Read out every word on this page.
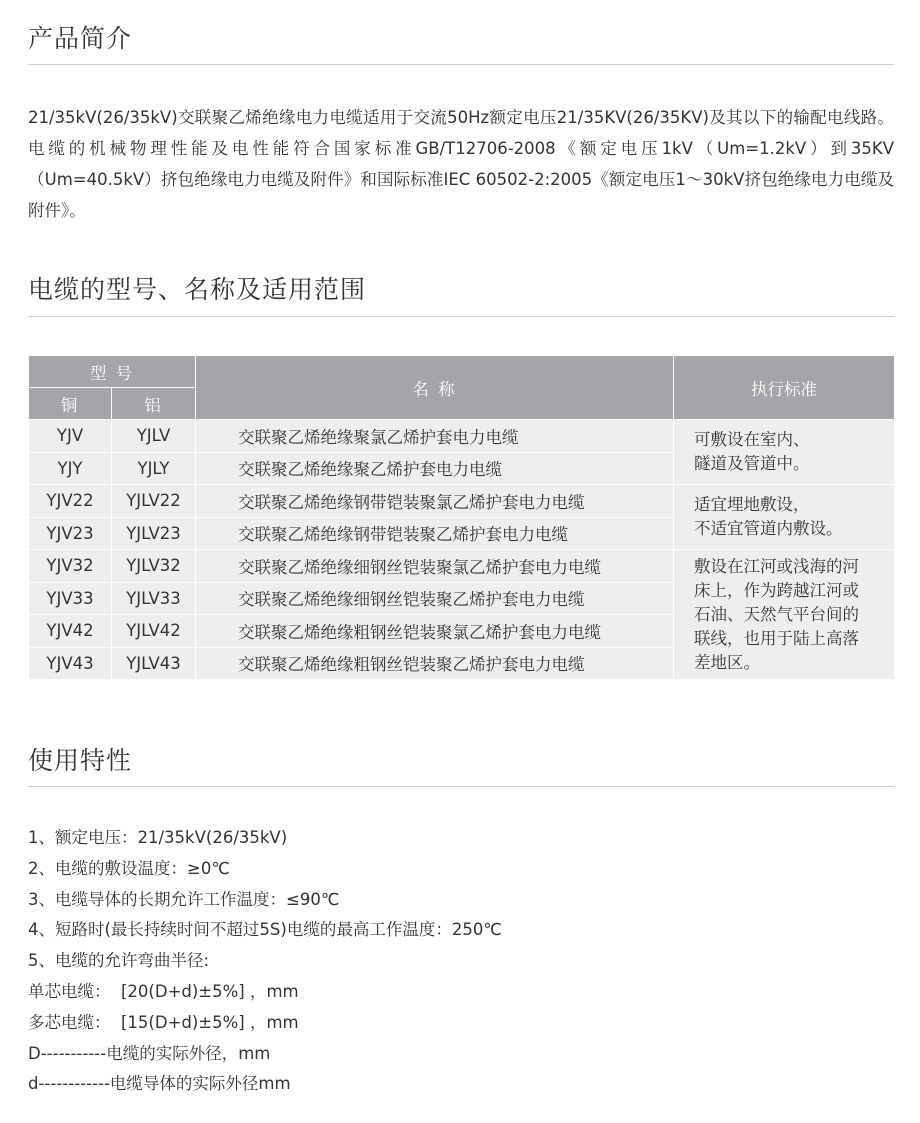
产品简介

21/35kV(26/35kV)交联聚乙烯绝缘电力电缆适用于交流50Hz额定电压21/35KV(26/35KV)及其以下的输配电线路。电缆的机械物理性能及电性能符合国家标准GB/T12706-2008《额定电压1kV（Um=1.2kV）到35KV（Um=40.5kV）挤包绝缘电力电缆及附件》和国际标准IEC 60502-2:2005《额定电压1～30kV挤包绝缘电力电缆及附件》。

电缆的型号、名称及适用范围
型 号		名 称	执行标准
铜	铝		
YJV	YJLV	交联聚乙烯绝缘聚氯乙烯护套电力电缆	可敷设在室内、
隧道及管道中。
YJY	YJLY	交联聚乙烯绝缘聚乙烯护套电力电缆	
YJV22	YJLV22	交联聚乙烯绝缘钢带铠装聚氯乙烯护套电力电缆	适宜埋地敷设，
不适宜管道内敷设。
YJV23	YJLV23	交联聚乙烯绝缘钢带铠装聚乙烯护套电力电缆	
YJV32	YJLV32	交联聚乙烯绝缘细钢丝铠装聚氯乙烯护套电力电缆	敷设在江河或浅海的河
床上，作为跨越江河或
石油、天然气平台间的
联线，也用于陆上高落
差地区。
YJV33	YJLV33	交联聚乙烯绝缘细钢丝铠装聚乙烯护套电力电缆	
YJV42	YJLV42	交联聚乙烯绝缘粗钢丝铠装聚氯乙烯护套电力电缆	
YJV43	YJLV43	交联聚乙烯绝缘粗钢丝铠装聚乙烯护套电力电缆	
使用特性
1、额定电压：21/35kV(26/35kV)
2、电缆的敷设温度：≥0℃
3、电缆导体的长期允许工作温度：≤90℃
4、短路时(最长持续时间不超过5S)电缆的最高工作温度：250℃
5、电缆的允许弯曲半径:
单芯电缆：  [20(D+d)±5%] ，mm
多芯电缆：  [15(D+d)±5%] ，mm
D-----------电缆的实际外径，mm
d------------电缆导体的实际外径mm
